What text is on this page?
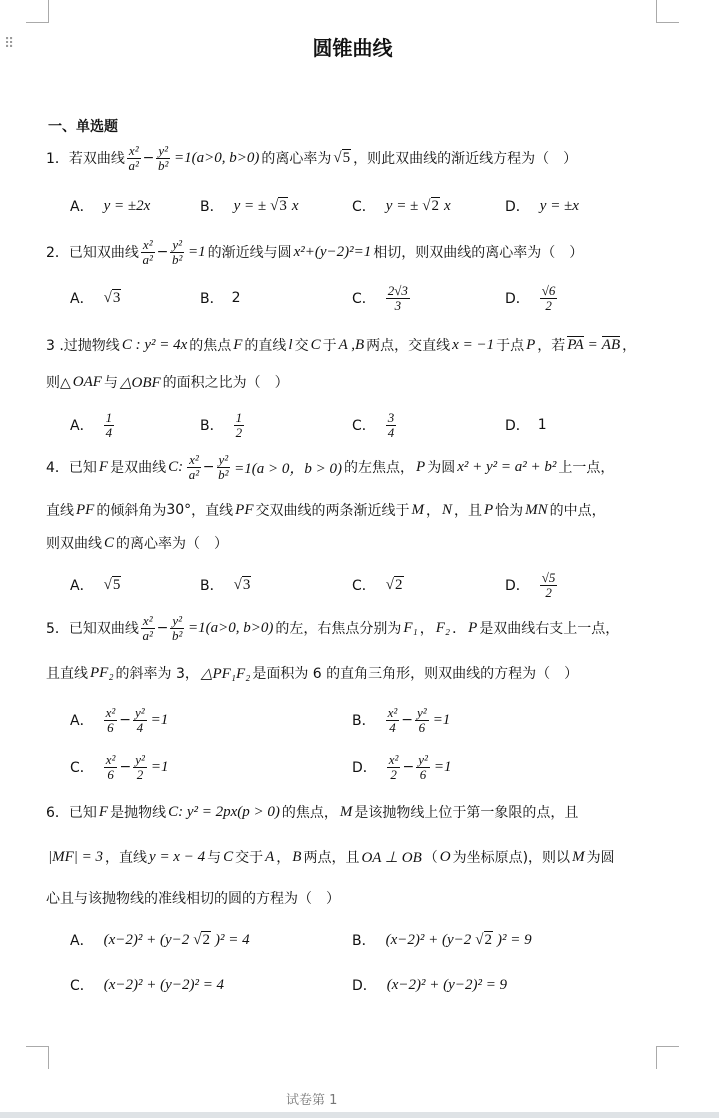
⠿	圆锥曲线
一、单选题
1．若双曲线 $\frac{\text{x²}}{\text{a²}} - \frac{\text{y²}}{\text{b²}} =1(a>0$, b>0) 的离心率为 √5 ，则此双曲线的渐近线方程为（　）
A． y = ±2x	B． y = ± √3 x	C． y = ± √2 x	D． y = ±x
2．已知双曲线 $\frac{\text{x²}}{\text{a²}} - \frac{\text{y²}}{\text{b²}} =1$ 的渐近线与圆 x²+(y−2)²=1 相切，则双曲线的离心率为（　）
A． √3	B． 2	C． $\frac{2√3}{3}$	D． $\frac{√6}{2}$
3 .过抛物线 C : y² = 4x 的焦点 F 的直线 l 交 C 于 A ,B 两点，交直线 x = −1 于点 P ，若 PA = AB ，
则△ OAF 与 △OBF 的面积之比为（　）
A． $\frac{1}{4}$	B． $\frac{1}{2}$	C． $\frac{3}{4}$	D． 1
4．已知 F 是双曲线 C: $\frac{\text{x²}}{\text{a²}} - \frac{\text{y²}}{\text{b²}} =1(a > 0$，b > 0) 的左焦点， P 为圆 x² + y² = a² + b² 上一点，
直线 PF 的倾斜角为 30° ，直线 PF 交双曲线的两条渐近线于 M ， N ，且 P 恰为 MN 的中点，
则双曲线 C 的离心率为（　）
A． √5	B． √3	C． √2	D． $\frac{√5}{2}$
5．已知双曲线 $\frac{\text{x²}}{\text{a²}} - \frac{\text{y²}}{\text{b²}} =1(a>0$, b>0) 的左，右焦点分别为 F₁ ， F₂ ． P 是双曲线右支上一点，
且直线 PF₂ 的斜率为 3， △PF₁F₂ 是面积为 6 的直角三角形，则双曲线的方程为（　）
A． $\frac{\text{x²}}{6} - \frac{\text{y²}}{4} =1$	B． $\frac{\text{x²}}{4} - \frac{\text{y²}}{6} =1$
C． $\frac{\text{x²}}{6} - \frac{\text{y²}}{2} =1$	D． $\frac{\text{x²}}{2} - \frac{\text{y²}}{6} =1$
6．已知 F 是抛物线 C: y² = 2px(p > 0) 的焦点， M 是该抛物线上位于第一象限的点，且
|MF| = 3 ，直线 y = x − 4 与 C 交于 A ， B 两点，且 OA ⊥ OB （ O 为坐标原点)，则以 M 为圆
心且与该抛物线的准线相切的圆的方程为（　）
A． (x−2)² + (y−2 √2 )² = 4	B． (x−2)² + (y−2 √2 )² = 9
C． (x−2)² + (y−2)² = 4	D． (x−2)² + (y−2)² = 9
试卷第 1
